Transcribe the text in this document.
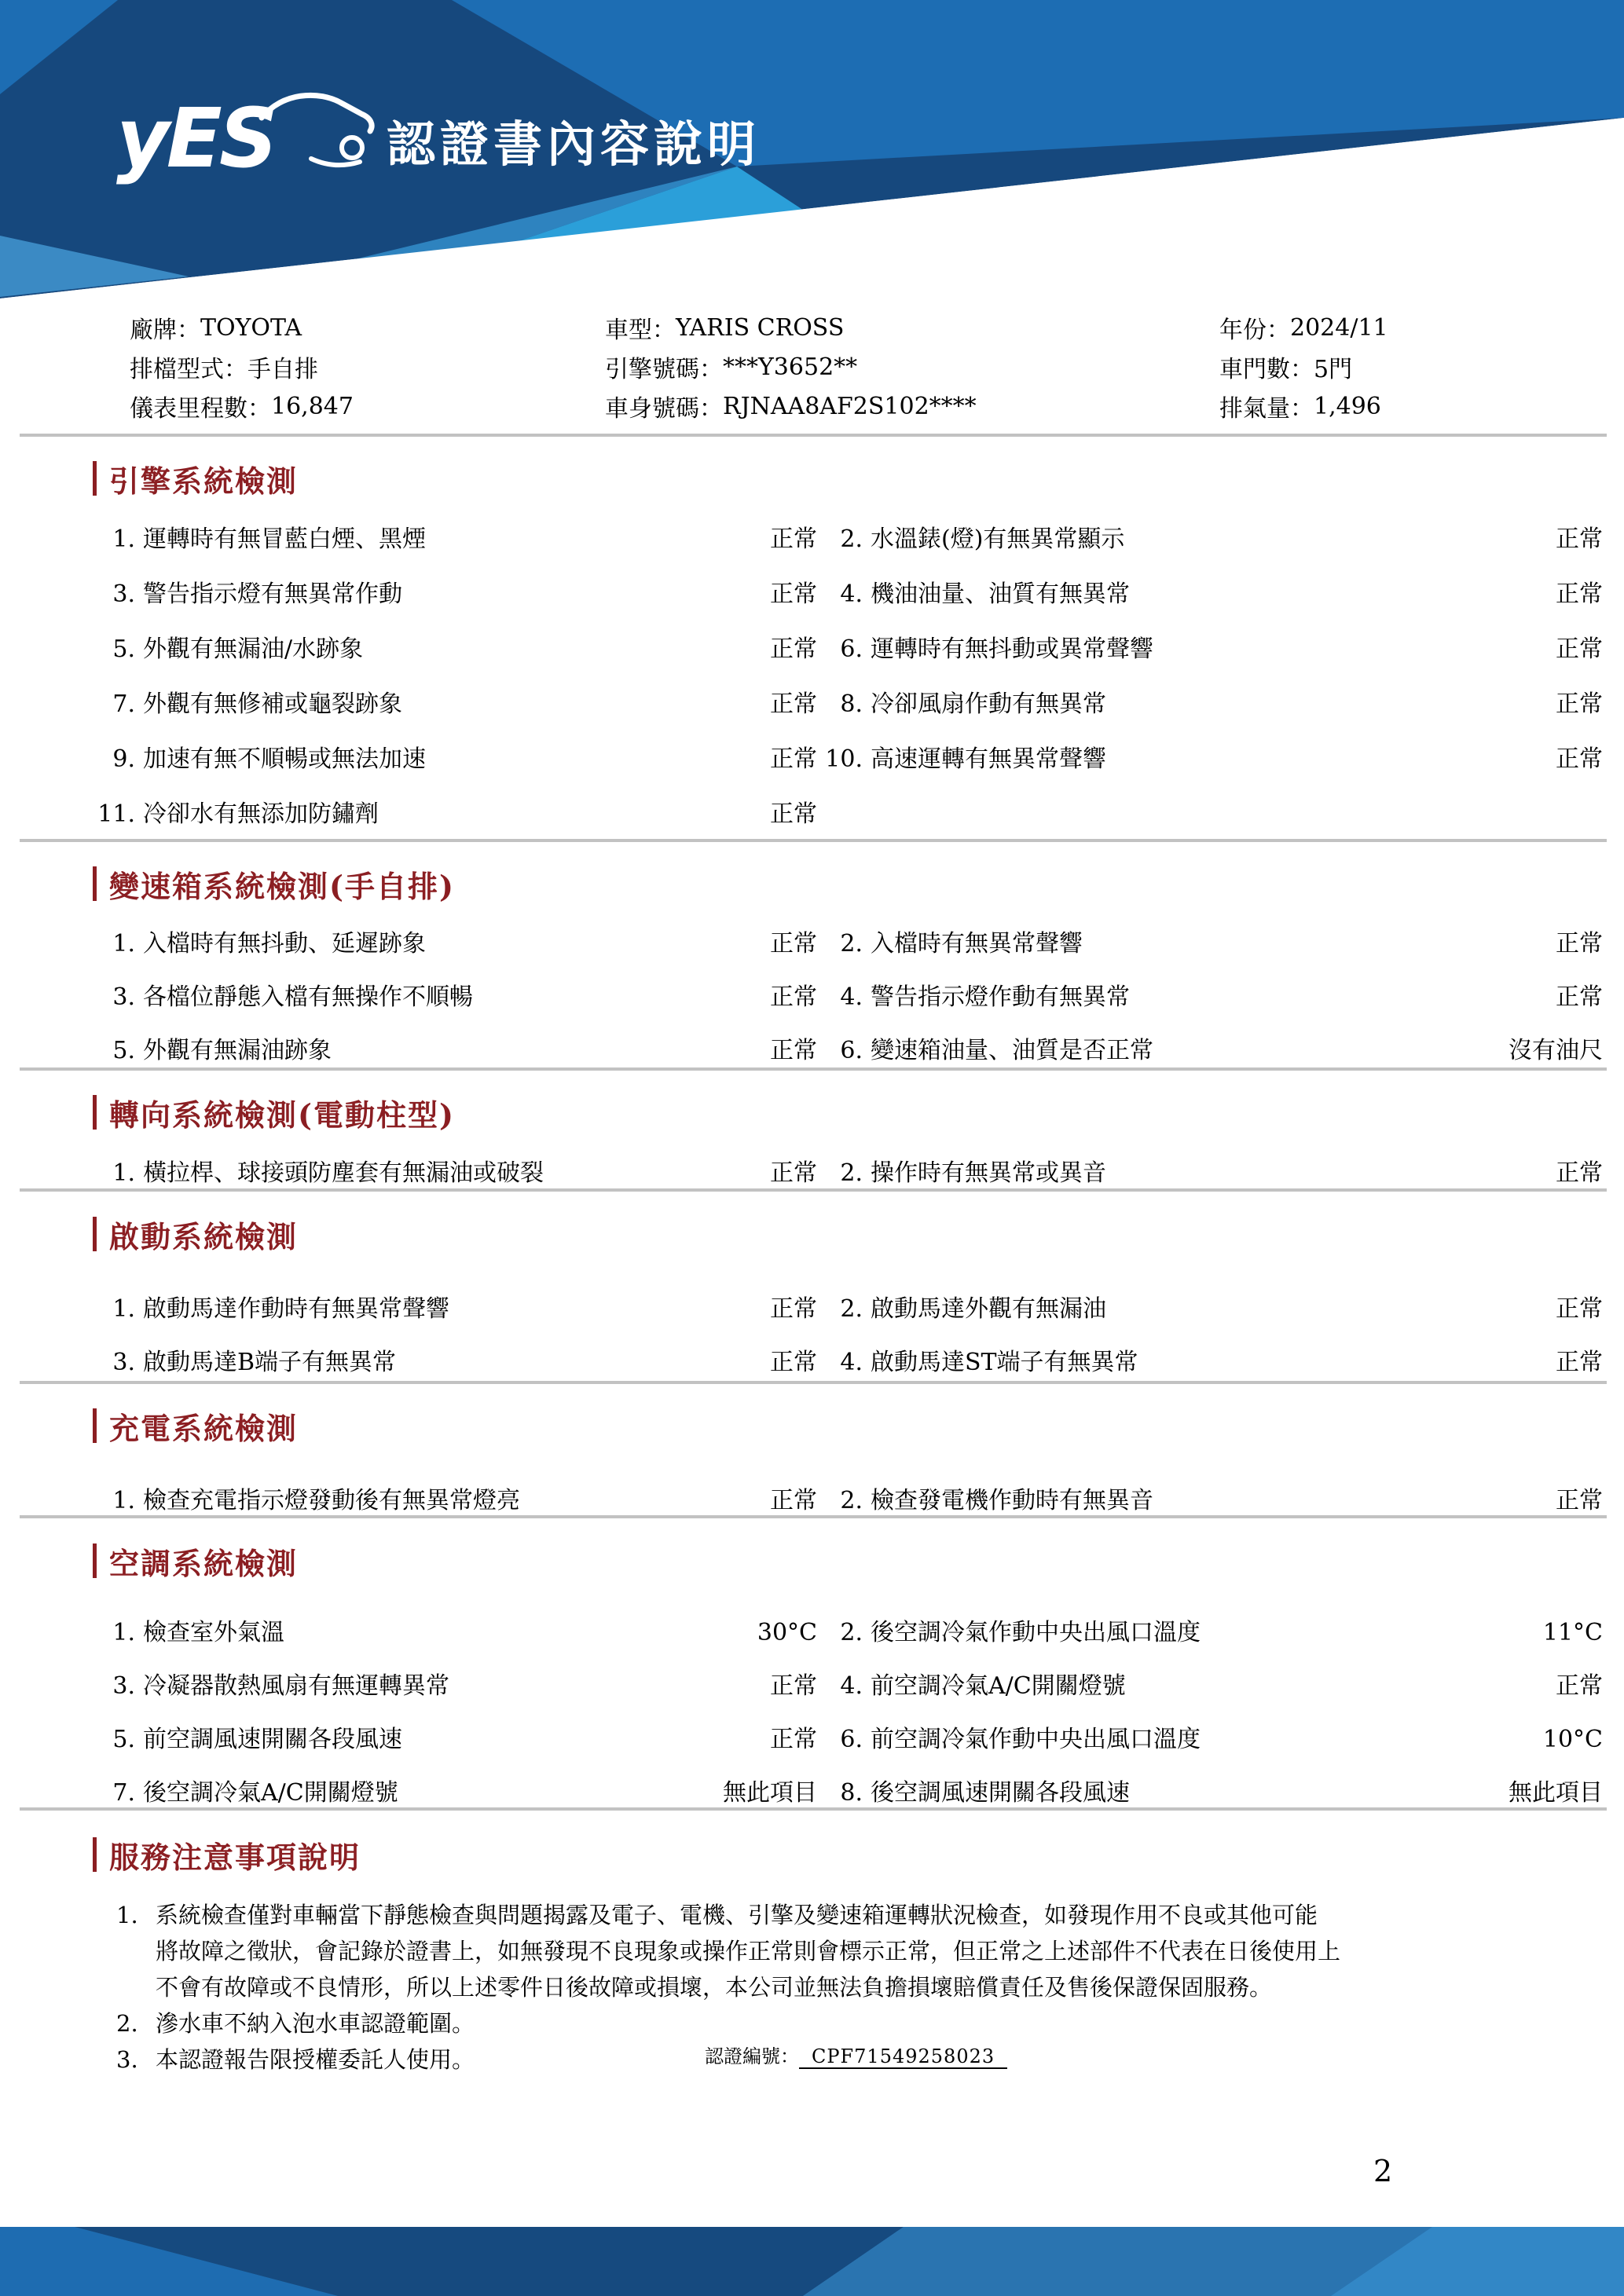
yES 認證書內容說明
廠牌： TOYOTA	車型： YARIS CROSS	年份： 2024/11
排檔型式： 手自排	引擎號碼： ***Y3652**	車門數： 5門
儀表里程數： 16,847	車身號碼： RJNAA8AF2S102****	排氣量： 1,496
引擎系統檢測
1. 運轉時有無冒藍白煙、黑煙	正常 2. 水溫錶(燈)有無異常顯示	正常
3. 警告指示燈有無異常作動	正常 4. 機油油量、油質有無異常	正常
5. 外觀有無漏油/水跡象	正常 6. 運轉時有無抖動或異常聲響	正常
7. 外觀有無修補或龜裂跡象	正常 8. 冷卻風扇作動有無異常	正常
9. 加速有無不順暢或無法加速	正常 10. 高速運轉有無異常聲響	正常
11. 冷卻水有無添加防鏽劑	正常
變速箱系統檢測(手自排)
1. 入檔時有無抖動、延遲跡象	正常 2. 入檔時有無異常聲響	正常
3. 各檔位靜態入檔有無操作不順暢	正常 4. 警告指示燈作動有無異常	正常
5. 外觀有無漏油跡象	正常 6. 變速箱油量、油質是否正常	沒有油尺
轉向系統檢測(電動柱型)
1. 橫拉桿、球接頭防塵套有無漏油或破裂	正常 2. 操作時有無異常或異音	正常
啟動系統檢測
1. 啟動馬達作動時有無異常聲響	正常 2. 啟動馬達外觀有無漏油	正常
3. 啟動馬達B端子有無異常	正常 4. 啟動馬達ST端子有無異常	正常
充電系統檢測
1. 檢查充電指示燈發動後有無異常燈亮	正常 2. 檢查發電機作動時有無異音	正常
空調系統檢測
1. 檢查室外氣溫	30°C 2. 後空調冷氣作動中央出風口溫度	11°C
3. 冷凝器散熱風扇有無運轉異常	正常 4. 前空調冷氣A/C開關燈號	正常
5. 前空調風速開關各段風速	正常 6. 前空調冷氣作動中央出風口溫度	10°C
7. 後空調冷氣A/C開關燈號	無此項目 8. 後空調風速開關各段風速	無此項目
服務注意事項說明
1. 系統檢查僅對車輛當下靜態檢查與問題揭露及電子、電機、引擎及變速箱運轉狀況檢查，如發現作用不良或其他可能
將故障之徵狀，會記錄於證書上，如無發現不良現象或操作正常則會標示正常，但正常之上述部件不代表在日後使用上
不會有故障或不良情形，所以上述零件日後故障或損壞，本公司並無法負擔損壞賠償責任及售後保證保固服務。
2. 滲水車不納入泡水車認證範圍。
3. 本認證報告限授權委託人使用。	認證編號： CPF71549258023
2
